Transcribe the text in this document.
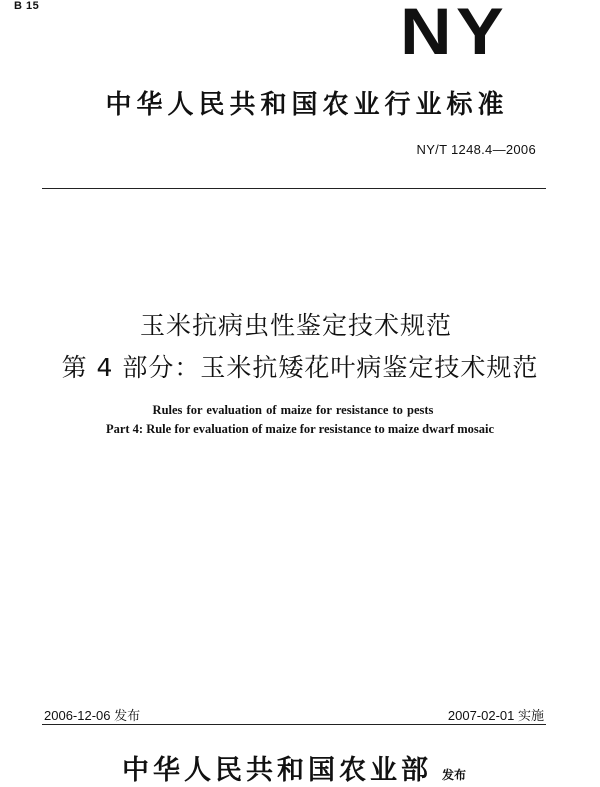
B 15	NY
中华人民共和国农业行业标准
NY/T 1248.4—2006
玉米抗病虫性鉴定技术规范
第 4 部分：玉米抗矮花叶病鉴定技术规范
Rules for evaluation of maize for resistance to pests
Part 4: Rule for evaluation of maize for resistance to maize dwarf mosaic
2006-12-06 发布	2007-02-01 实施
中华人民共和国农业部 发布
